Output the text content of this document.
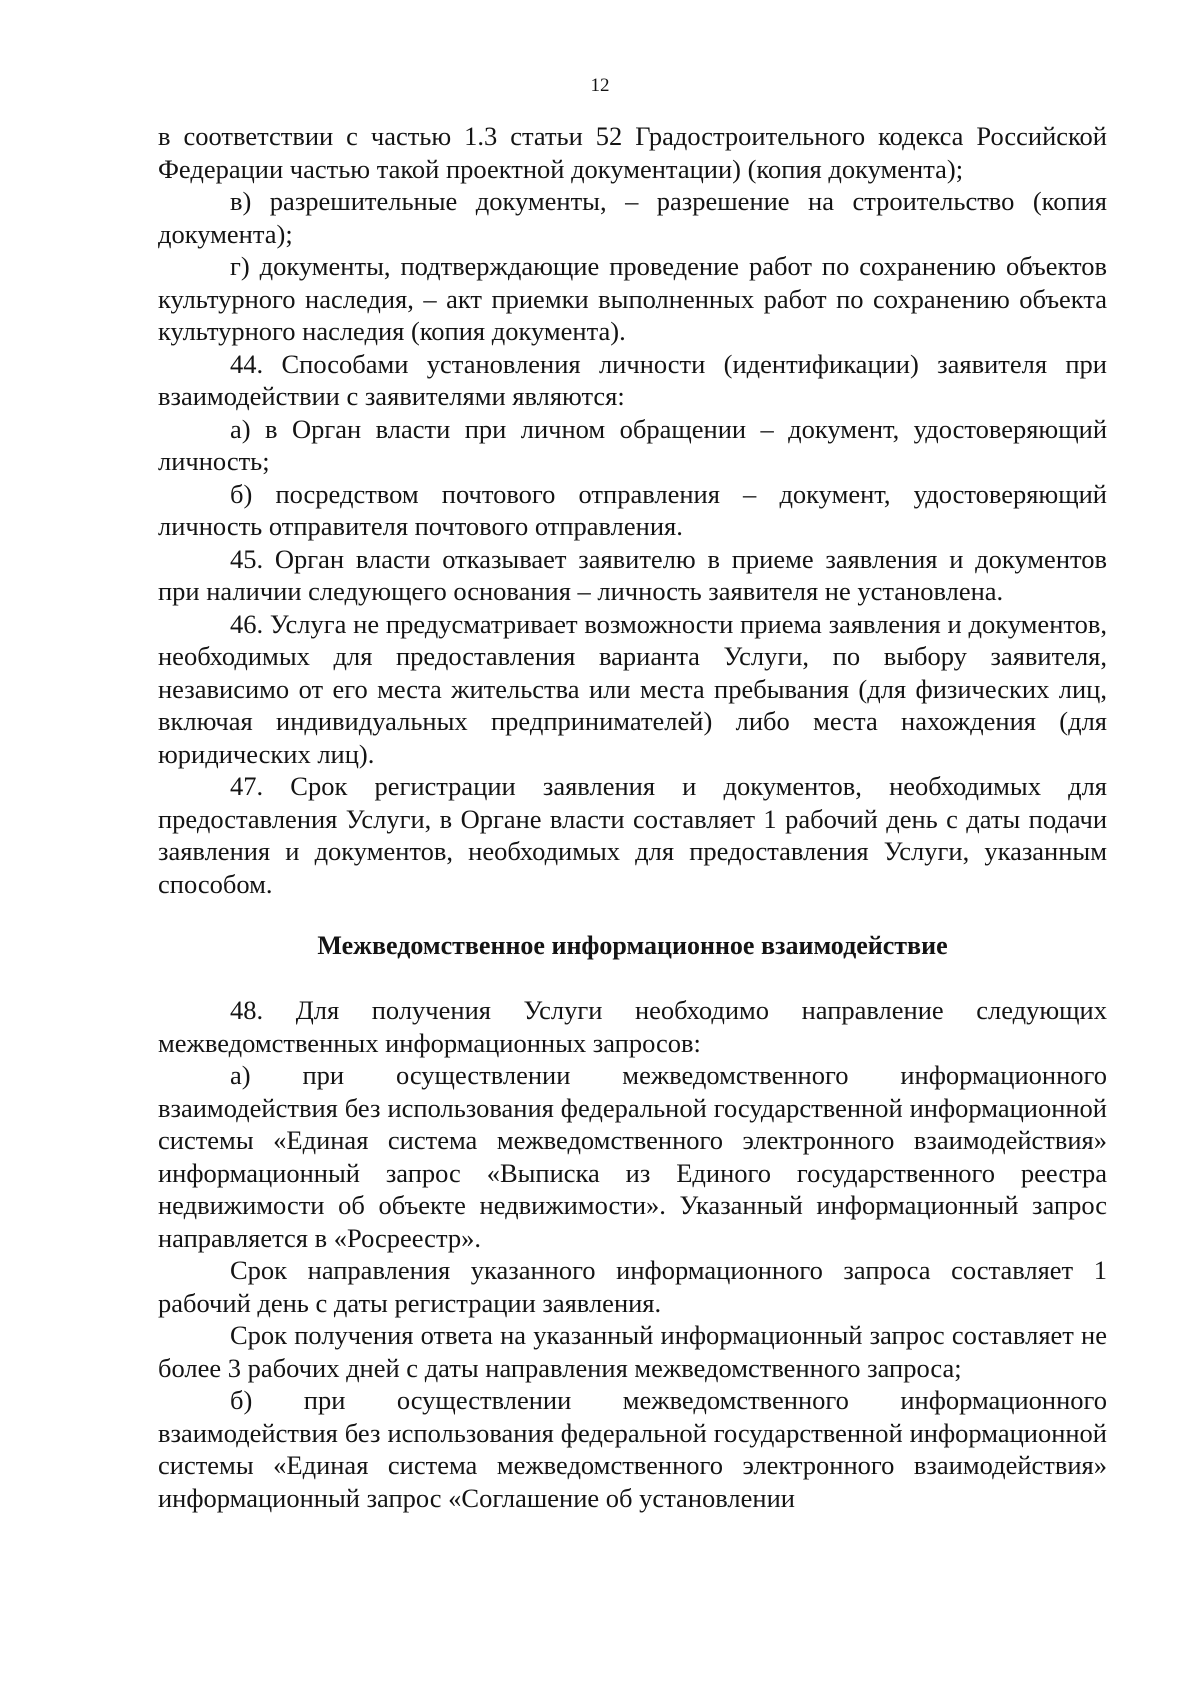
12

в соответствии с частью 1.3 статьи 52 Градостроительного кодекса Российской Федерации частью такой проектной документации) (копия документа);

в) разрешительные документы, – разрешение на строительство (копия документа);

г) документы, подтверждающие проведение работ по сохранению объектов культурного наследия, – акт приемки выполненных работ по сохранению объекта культурного наследия (копия документа).

44. Способами установления личности (идентификации) заявителя при взаимодействии с заявителями являются:

а) в Орган власти при личном обращении – документ, удостоверяющий личность;

б) посредством почтового отправления – документ, удостоверяющий личность отправителя почтового отправления.

45. Орган власти отказывает заявителю в приеме заявления и документов при наличии следующего основания – личность заявителя не установлена.

46. Услуга не предусматривает возможности приема заявления и документов, необходимых для предоставления варианта Услуги, по выбору заявителя, независимо от его места жительства или места пребывания (для физических лиц, включая индивидуальных предпринимателей) либо места нахождения (для юридических лиц).

47. Срок регистрации заявления и документов, необходимых для предоставления Услуги, в Органе власти составляет 1 рабочий день с даты подачи заявления и документов, необходимых для предоставления Услуги, указанным способом.

Межведомственное информационное взаимодействие

48. Для получения Услуги необходимо направление следующих межведомственных информационных запросов:

а) при осуществлении межведомственного информационного взаимодействия без использования федеральной государственной информационной системы «Единая система межведомственного электронного взаимодействия» информационный запрос «Выписка из Единого государственного реестра недвижимости об объекте недвижимости». Указанный информационный запрос направляется в «Росреестр».

Срок направления указанного информационного запроса составляет 1 рабочий день с даты регистрации заявления.

Срок получения ответа на указанный информационный запрос составляет не более 3 рабочих дней с даты направления межведомственного запроса;

б) при осуществлении межведомственного информационного взаимодействия без использования федеральной государственной информационной системы «Единая система межведомственного электронного взаимодействия» информационный запрос «Соглашение об установлении
